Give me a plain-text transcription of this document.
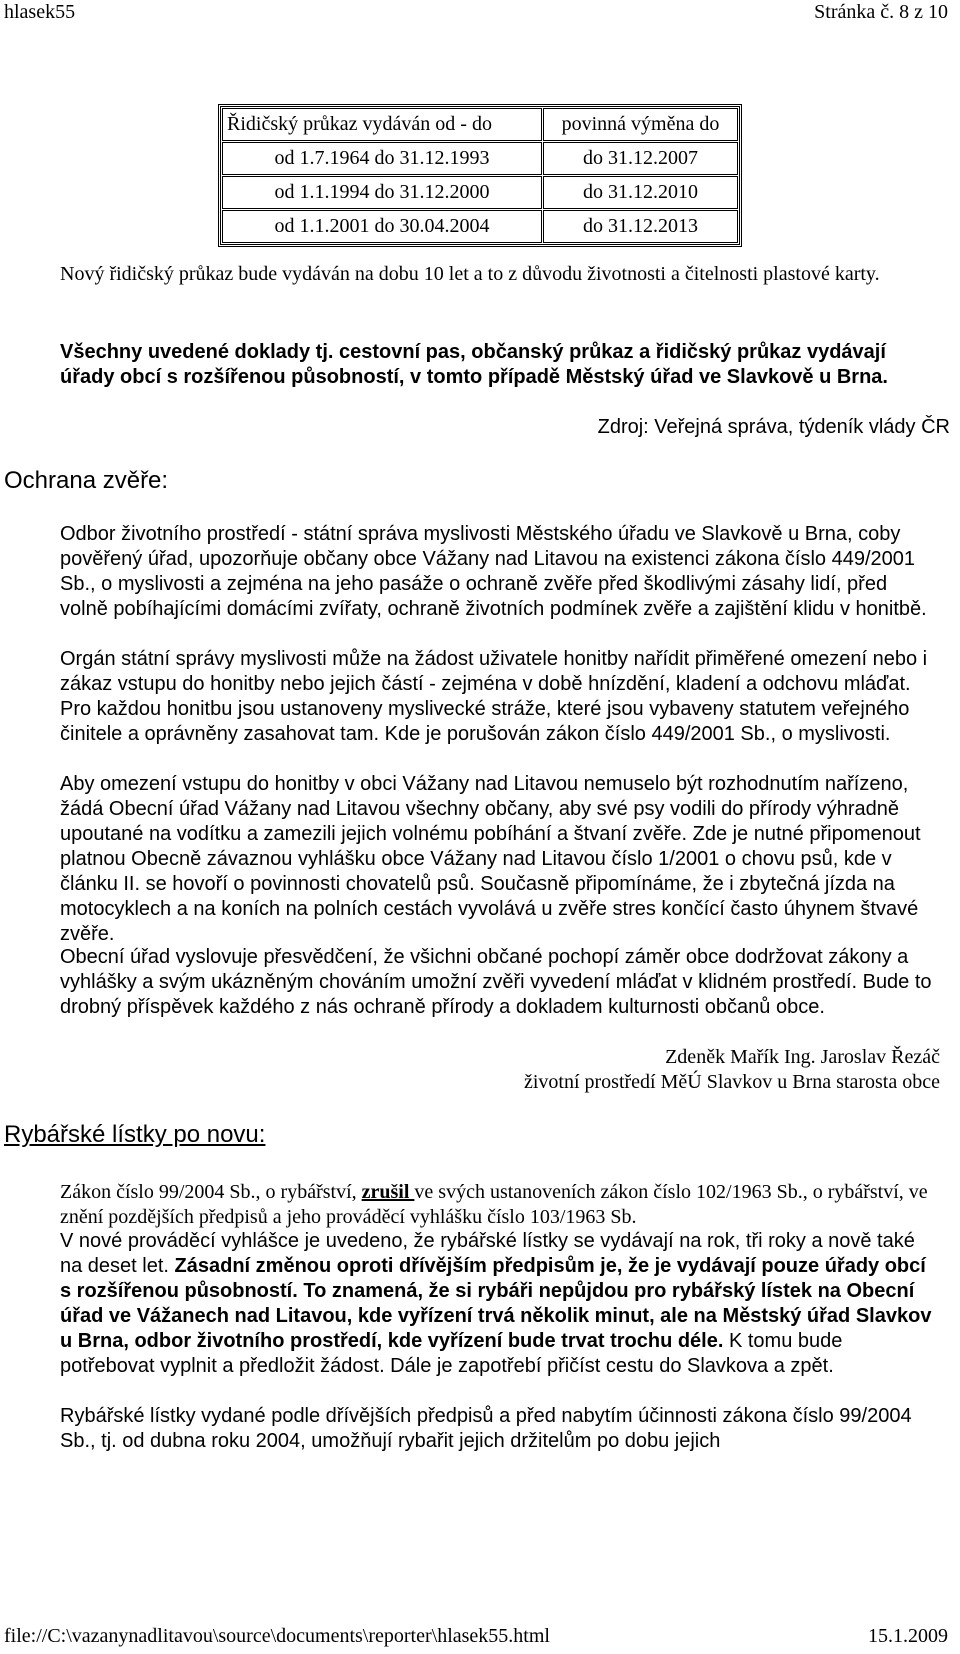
hlasek55	Stránka č. 8 z 10
Řidičský průkaz vydáván od - do	povinná výměna do
od 1.7.1964 do 31.12.1993	do 31.12.2007
od 1.1.1994 do 31.12.2000	do 31.12.2010
od 1.1.2001 do 30.04.2004	do 31.12.2013
Nový řidičský průkaz bude vydáván na dobu 10 let a to z důvodu životnosti a čitelnosti plastové karty.
Všechny uvedené doklady tj. cestovní pas, občanský průkaz a řidičský průkaz vydávají úřady obcí s rozšířenou působností, v tomto případě Městský úřad ve Slavkově u Brna.
Zdroj: Veřejná správa, týdeník vlády ČR
Ochrana zvěře:
Odbor životního prostředí - státní správa myslivosti Městského úřadu ve Slavkově u Brna, coby pověřený úřad, upozorňuje občany obce Vážany nad Litavou na existenci zákona číslo 449/2001 Sb., o myslivosti a zejména na jeho pasáže o ochraně zvěře před škodlivými zásahy lidí, před volně pobíhajícími domácími zvířaty, ochraně životních podmínek zvěře a zajištění klidu v honitbě.
Orgán státní správy myslivosti může na žádost uživatele honitby nařídit přiměřené omezení nebo i zákaz vstupu do honitby nebo jejich částí - zejména v době hnízdění, kladení a odchovu mláďat. Pro každou honitbu jsou ustanoveny myslivecké stráže, které jsou vybaveny statutem veřejného činitele a oprávněny zasahovat tam. Kde je porušován zákon číslo 449/2001 Sb., o myslivosti.
Aby omezení vstupu do honitby v obci Vážany nad Litavou nemuselo být rozhodnutím nařízeno, žádá Obecní úřad Vážany nad Litavou všechny občany, aby své psy vodili do přírody výhradně upoutané na vodítku a zamezili jejich volnému pobíhání a štvaní zvěře. Zde je nutné připomenout platnou Obecně závaznou vyhlášku obce Vážany nad Litavou číslo 1/2001 o chovu psů, kde v článku II. se hovoří o povinnosti chovatelů psů. Současně připomínáme, že i zbytečná jízda na motocyklech a na koních na polních cestách vyvolává u zvěře stres končící často úhynem štvavé zvěře.
Obecní úřad vyslovuje přesvědčení, že všichni občané pochopí záměr obce dodržovat zákony a vyhlášky a svým ukázněným chováním umožní zvěři vyvedení mláďat v klidném prostředí. Bude to drobný příspěvek každého z nás ochraně přírody a dokladem kulturnosti občanů obce.
Zdeněk Mařík Ing. Jaroslav Řezáč
životní prostředí MěÚ Slavkov u Brna starosta obce
Rybářské lístky po novu:
Zákon číslo 99/2004 Sb., o rybářství, zrušil ve svých ustanoveních zákon číslo 102/1963 Sb., o rybářství, ve znění pozdějších předpisů a jeho prováděcí vyhlášku číslo 103/1963 Sb.
V nové prováděcí vyhlášce je uvedeno, že rybářské lístky se vydávají na rok, tři roky a nově také na deset let. Zásadní změnou oproti dřívějším předpisům je, že je vydávají pouze úřady obcí s rozšířenou působností. To znamená, že si rybáři nepůjdou pro rybářský lístek na Obecní úřad ve Vážanech nad Litavou, kde vyřízení trvá několik minut, ale na Městský úřad Slavkov u Brna, odbor životního prostředí, kde vyřízení bude trvat trochu déle. K tomu bude potřebovat vyplnit a předložit žádost. Dále je zapotřebí přičíst cestu do Slavkova a zpět.
Rybářské lístky vydané podle dřívějších předpisů a před nabytím účinnosti zákona číslo 99/2004 Sb., tj. od dubna roku 2004, umožňují rybařit jejich držitelům po dobu jejich
file://C:\vazanynadlitavou\source\documents\reporter\hlasek55.html	15.1.2009
